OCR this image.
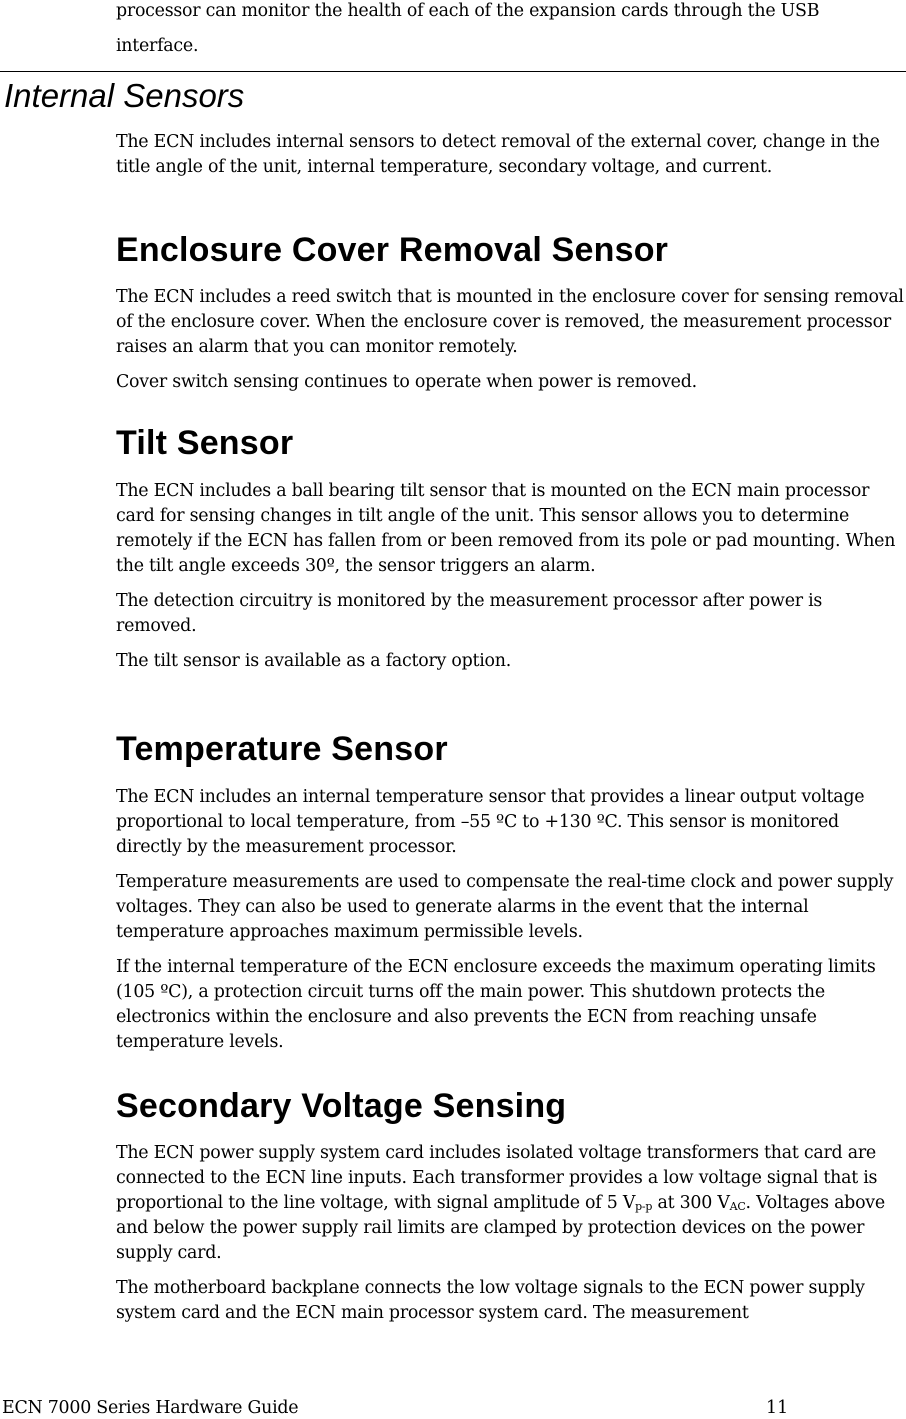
processor can monitor the health of each of the expansion cards through the USB

interface.

Internal Sensors

The ECN includes internal sensors to detect removal of the external cover, change in the title angle of the unit, internal temperature, secondary voltage, and current.

Enclosure Cover Removal Sensor

The ECN includes a reed switch that is mounted in the enclosure cover for sensing removal of the enclosure cover. When the enclosure cover is removed, the measurement processor raises an alarm that you can monitor remotely.

Cover switch sensing continues to operate when power is removed.

Tilt Sensor

The ECN includes a ball bearing tilt sensor that is mounted on the ECN main processor card for sensing changes in tilt angle of the unit. This sensor allows you to determine remotely if the ECN has fallen from or been removed from its pole or pad mounting. When the tilt angle exceeds 30º, the sensor triggers an alarm.

The detection circuitry is monitored by the measurement processor after power is removed.

The tilt sensor is available as a factory option.

Temperature Sensor

The ECN includes an internal temperature sensor that provides a linear output voltage proportional to local temperature, from –55 ºC to +130 ºC. This sensor is monitored directly by the measurement processor.

Temperature measurements are used to compensate the real-time clock and power supply voltages. They can also be used to generate alarms in the event that the internal temperature approaches maximum permissible levels.

If the internal temperature of the ECN enclosure exceeds the maximum operating limits (105 ºC), a protection circuit turns off the main power. This shutdown protects the electronics within the enclosure and also prevents the ECN from reaching unsafe temperature levels.

Secondary Voltage Sensing

The ECN power supply system card includes isolated voltage transformers that card are connected to the ECN line inputs. Each transformer provides a low voltage signal that is proportional to the line voltage, with signal amplitude of 5 $V_{p-p}$ at 300 $V_{AC}$. Voltages above and below the power supply rail limits are clamped by protection devices on the power supply card.

The motherboard backplane connects the low voltage signals to the ECN power supply system card and the ECN main processor system card. The measurement

ECN 7000 Series Hardware Guide	11
